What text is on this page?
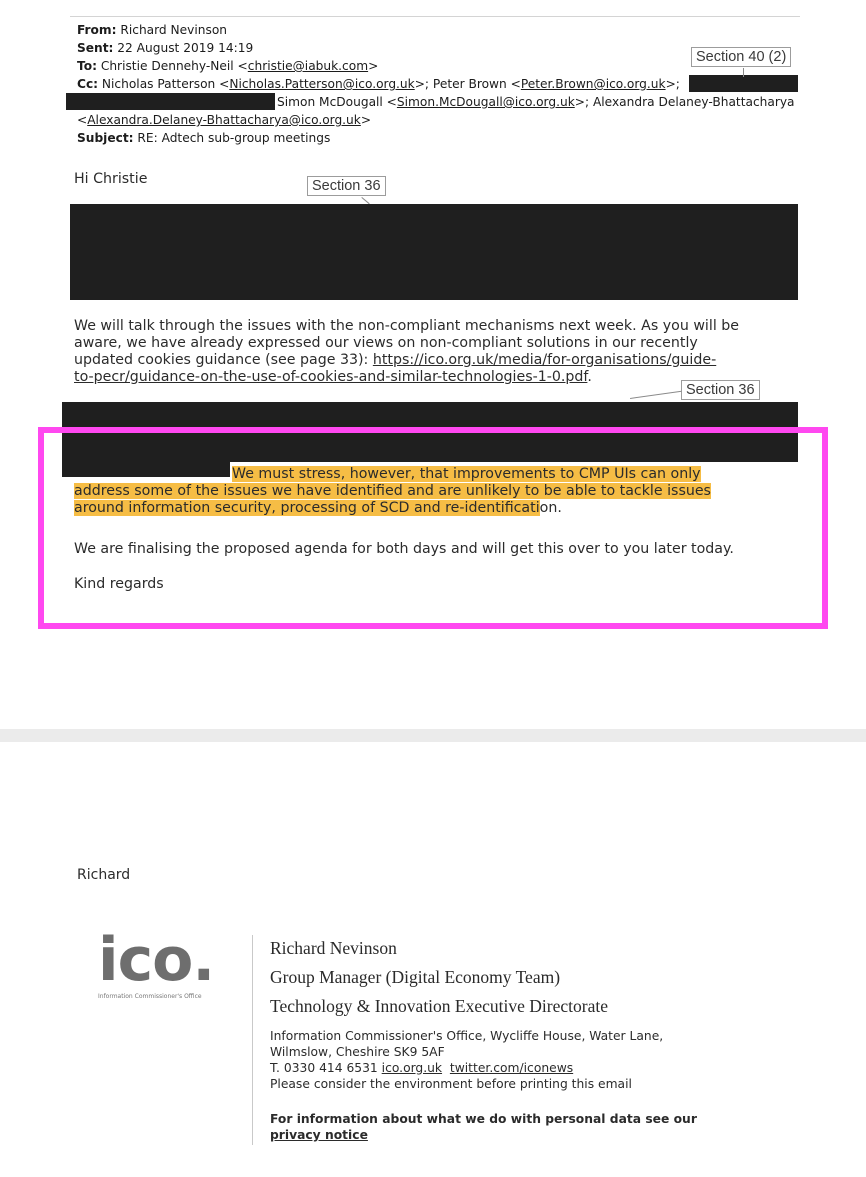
From: Richard Nevinson
Sent: 22 August 2019 14:19
To: Christie Dennehy-Neil <christie@iabuk.com>
Cc: Nicholas Patterson <Nicholas.Patterson@ico.org.uk>; Peter Brown <Peter.Brown@ico.org.uk>;
Simon McDougall <Simon.McDougall@ico.org.uk>; Alexandra Delaney-Bhattacharya
<Alexandra.Delaney-Bhattacharya@ico.org.uk>
Subject: RE: Adtech sub-group meetings
Section 40 (2)
Hi Christie	Section 36
We will talk through the issues with the non-compliant mechanisms next week. As you will be
aware, we have already expressed our views on non-compliant solutions in our recently
updated cookies guidance (see page 33): https://ico.org.uk/media/for-organisations/guide-
to-pecr/guidance-on-the-use-of-cookies-and-similar-technologies-1-0.pdf.
Section 36
We must stress, however, that improvements to CMP UIs can only
address some of the issues we have identified and are unlikely to be able to tackle issues
around information security, processing of SCD and re-identification.
We are finalising the proposed agenda for both days and will get this over to you later today.
Kind regards
Richard
ico.
Information Commissioner's Office
Richard Nevinson
Group Manager (Digital Economy Team)
Technology & Innovation Executive Directorate
Information Commissioner's Office, Wycliffe House, Water Lane,
Wilmslow, Cheshire SK9 5AF
T. 0330 414 6531 ico.org.uk twitter.com/iconews
Please consider the environment before printing this email
For information about what we do with personal data see our
privacy notice
